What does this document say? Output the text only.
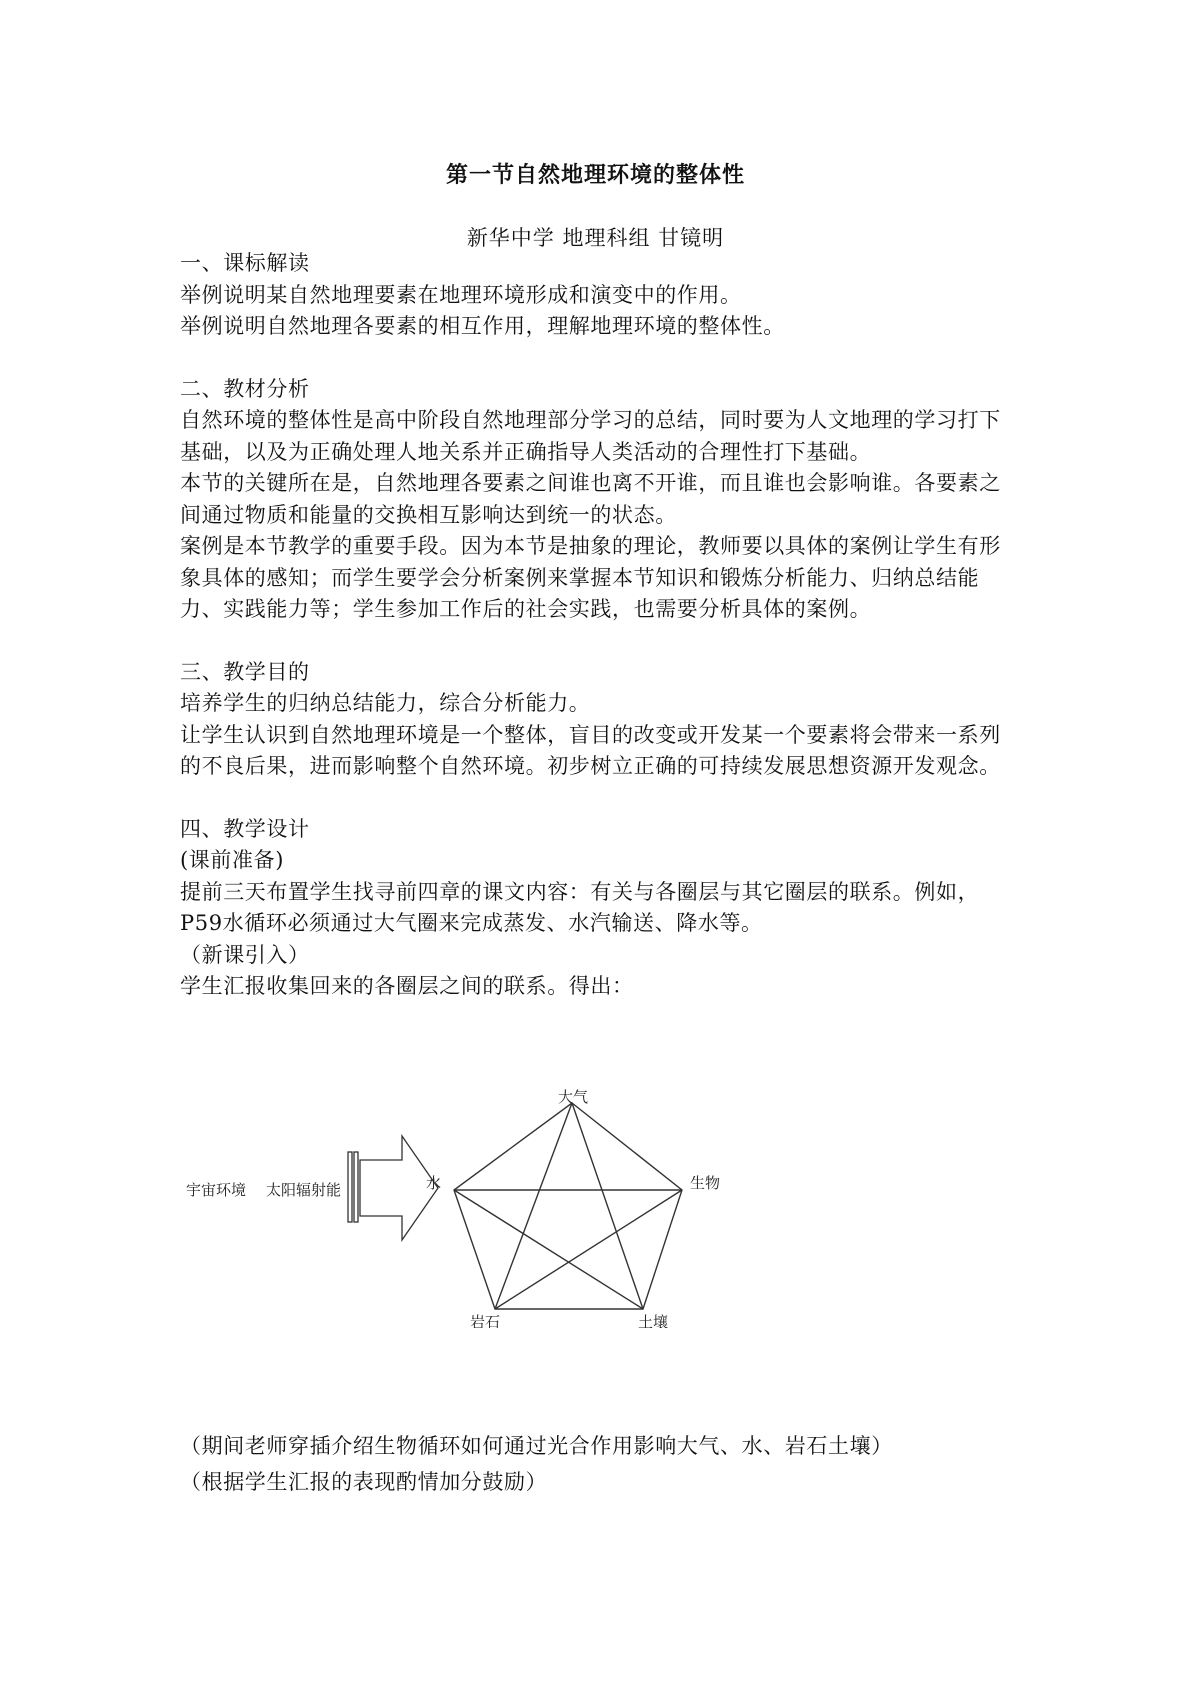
第一节自然地理环境的整体性
新华中学 地理科组 甘镜明

一、课标解读

举例说明某自然地理要素在地理环境形成和演变中的作用。

举例说明自然地理各要素的相互作用，理解地理环境的整体性。

二、教材分析

自然环境的整体性是高中阶段自然地理部分学习的总结，同时要为人文地理的学习打下基础，以及为正确处理人地关系并正确指导人类活动的合理性打下基础。

本节的关键所在是，自然地理各要素之间谁也离不开谁，而且谁也会影响谁。各要素之间通过物质和能量的交换相互影响达到统一的状态。

案例是本节教学的重要手段。因为本节是抽象的理论，教师要以具体的案例让学生有形象具体的感知；而学生要学会分析案例来掌握本节知识和锻炼分析能力、归纳总结能力、实践能力等；学生参加工作后的社会实践，也需要分析具体的案例。

三、教学目的

培养学生的归纳总结能力，综合分析能力。

让学生认识到自然地理环境是一个整体，盲目的改变或开发某一个要素将会带来一系列的不良后果，进而影响整个自然环境。初步树立正确的可持续发展思想资源开发观念。

四、教学设计

(课前准备)

提前三天布置学生找寻前四章的课文内容：有关与各圈层与其它圈层的联系。例如，P59水循环必须通过大气圈来完成蒸发、水汽输送、降水等。

（新课引入）

学生汇报收集回来的各圈层之间的联系。得出：

宇宙环境 太阳辐射能
大气
生物
水
岩石	土壤

（期间老师穿插介绍生物循环如何通过光合作用影响大气、水、岩石土壤）

（根据学生汇报的表现酌情加分鼓励）
